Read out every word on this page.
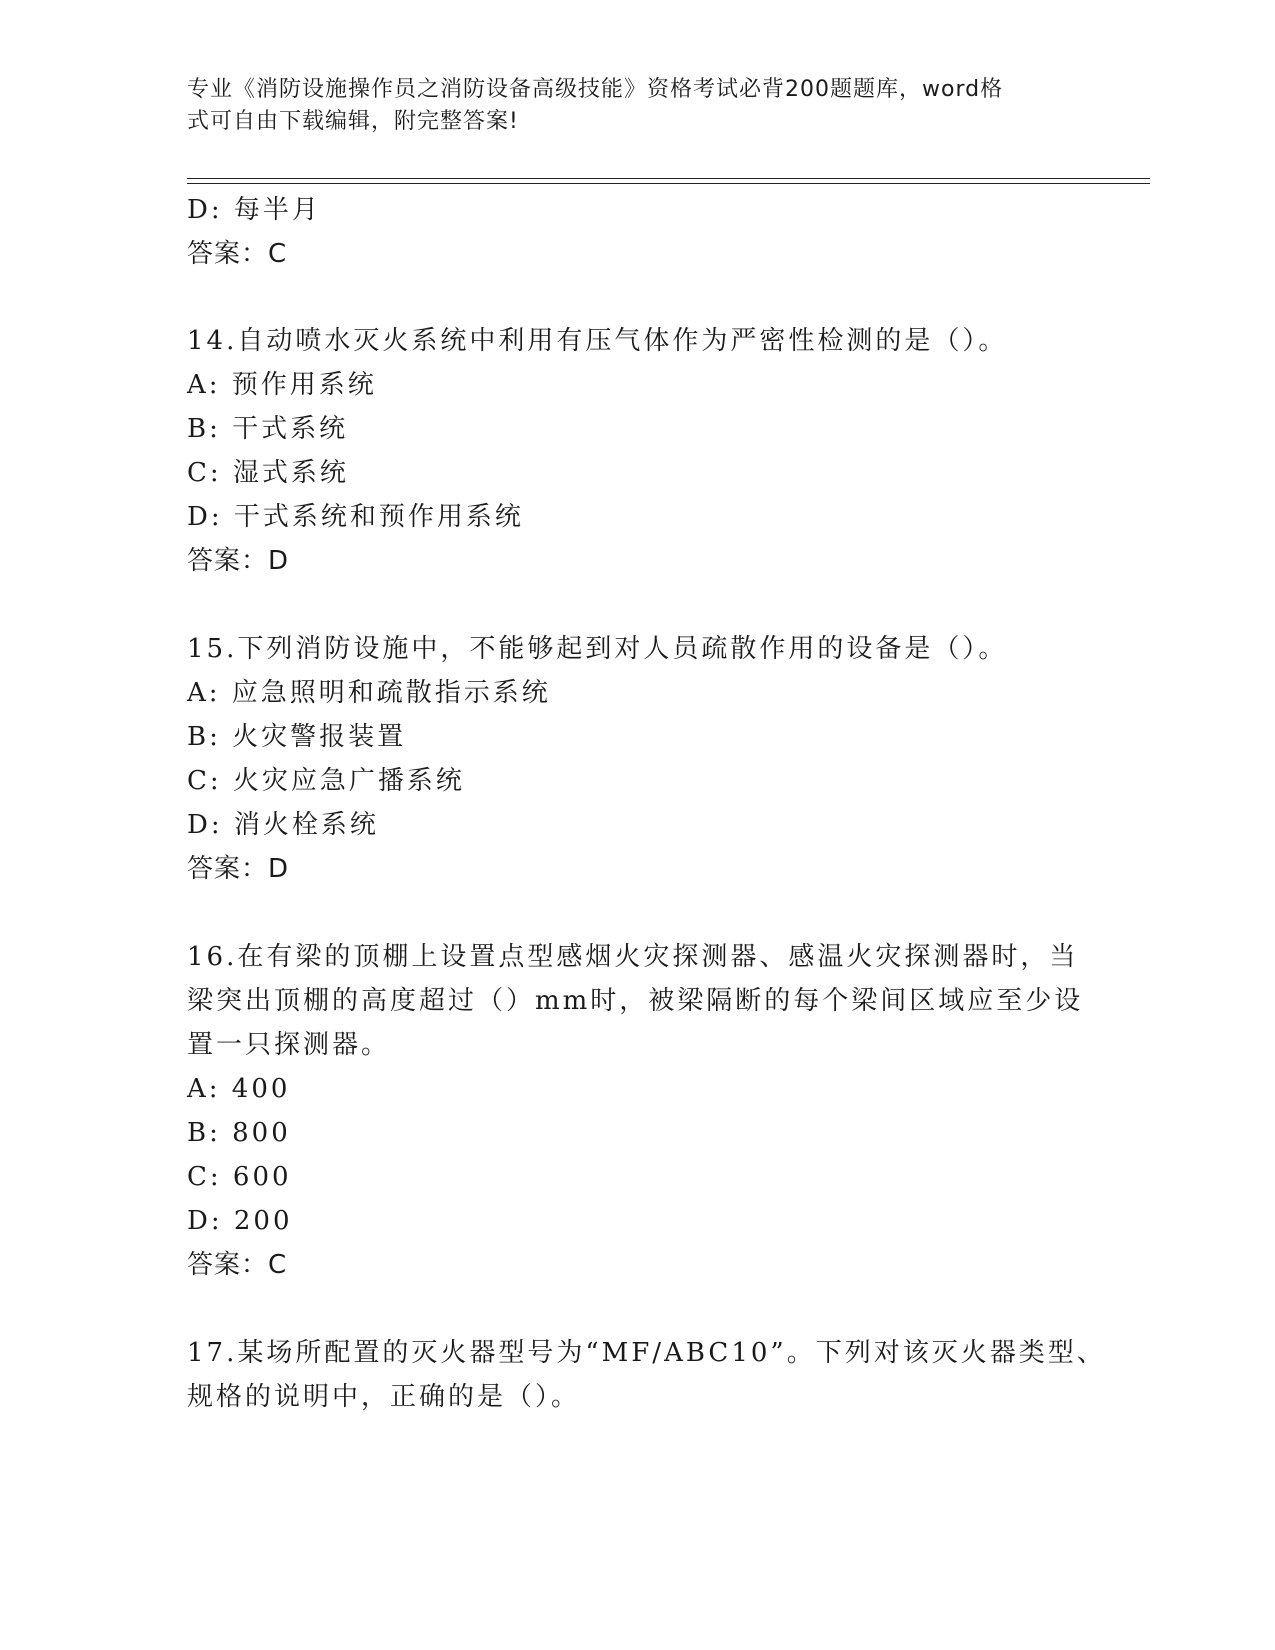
专业《消防设施操作员之消防设备高级技能》资格考试必背200题题库，word格
式可自由下载编辑，附完整答案!
D: 每半月
答案：C
14.自动喷水灭火系统中利用有压气体作为严密性检测的是（）。
A: 预作用系统
B: 干式系统
C: 湿式系统
D: 干式系统和预作用系统
答案：D
15.下列消防设施中，不能够起到对人员疏散作用的设备是（）。
A: 应急照明和疏散指示系统
B: 火灾警报装置
C: 火灾应急广播系统
D: 消火栓系统
答案：D
16.在有梁的顶棚上设置点型感烟火灾探测器、感温火灾探测器时，当
梁突出顶棚的高度超过（）mm时，被梁隔断的每个梁间区域应至少设
置一只探测器。
A: 400
B: 800
C: 600
D: 200
答案：C
17.某场所配置的灭火器型号为“MF/ABC10”。下列对该灭火器类型、
规格的说明中，正确的是（）。
